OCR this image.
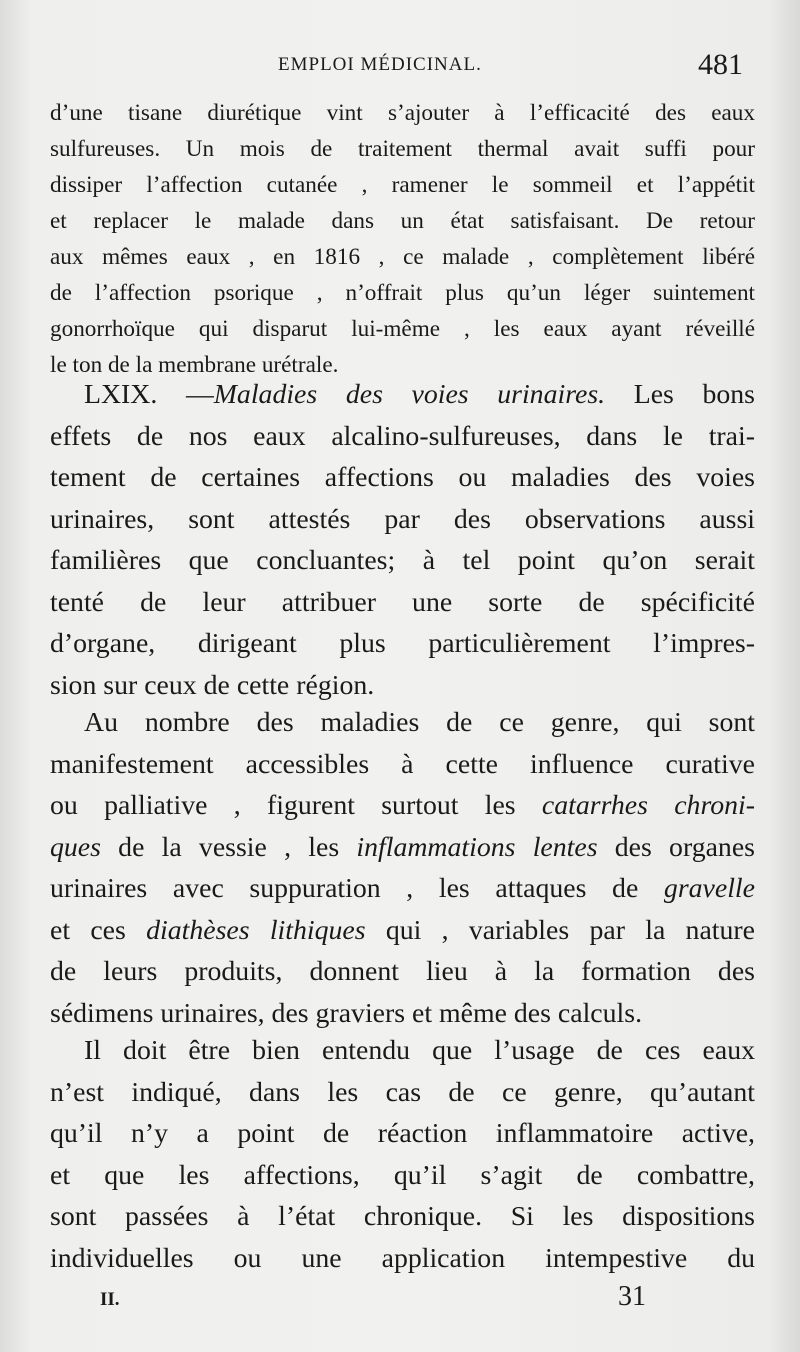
EMPLOI MÉDICINAL.	481
d’une tisane diurétique vint s’ajouter à l’efficacité des eaux
sulfureuses. Un mois de traitement thermal avait suffi pour
dissiper l’affection cutanée , ramener le sommeil et l’appétit
et replacer le malade dans un état satisfaisant. De retour
aux mêmes eaux , en 1816 , ce malade , complètement libéré
de l’affection psorique , n’offrait plus qu’un léger suintement
gonorrhoïque qui disparut lui-même , les eaux ayant réveillé
le ton de la membrane urétrale.
LXIX. —Maladies des voies urinaires. Les bons
effets de nos eaux alcalino-sulfureuses, dans le trai-
tement de certaines affections ou maladies des voies
urinaires, sont attestés par des observations aussi
familières que concluantes; à tel point qu’on serait
tenté de leur attribuer une sorte de spécificité
d’organe, dirigeant plus particulièrement l’impres-
sion sur ceux de cette région.
Au nombre des maladies de ce genre, qui sont
manifestement accessibles à cette influence curative
ou palliative , figurent surtout les catarrhes chroni-
ques de la vessie , les inflammations lentes des organes
urinaires avec suppuration , les attaques de gravelle
et ces diathèses lithiques qui , variables par la nature
de leurs produits, donnent lieu à la formation des
sédimens urinaires, des graviers et même des calculs.
Il doit être bien entendu que l’usage de ces eaux
n’est indiqué, dans les cas de ce genre, qu’autant
qu’il n’y a point de réaction inflammatoire active,
et que les affections, qu’il s’agit de combattre,
sont passées à l’état chronique. Si les dispositions
individuelles ou une application intempestive du
II.	31
